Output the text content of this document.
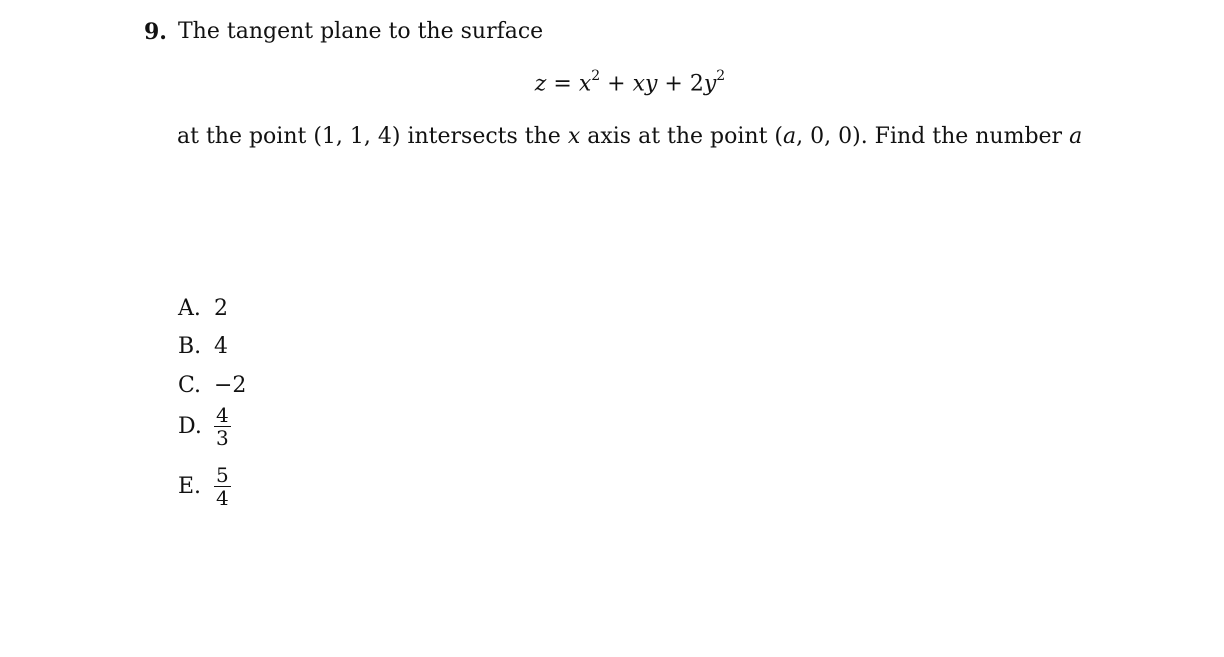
9. The tangent plane to the surface
$z = x^2$ + xy + $2y^2$
at the point (1, 1, 4) intersects the x axis at the point (a, 0, 0). Find the number a
A. 2
B. 4
C. −2
D. $\frac{4}{3}$
E. $\frac{5}{4}$
